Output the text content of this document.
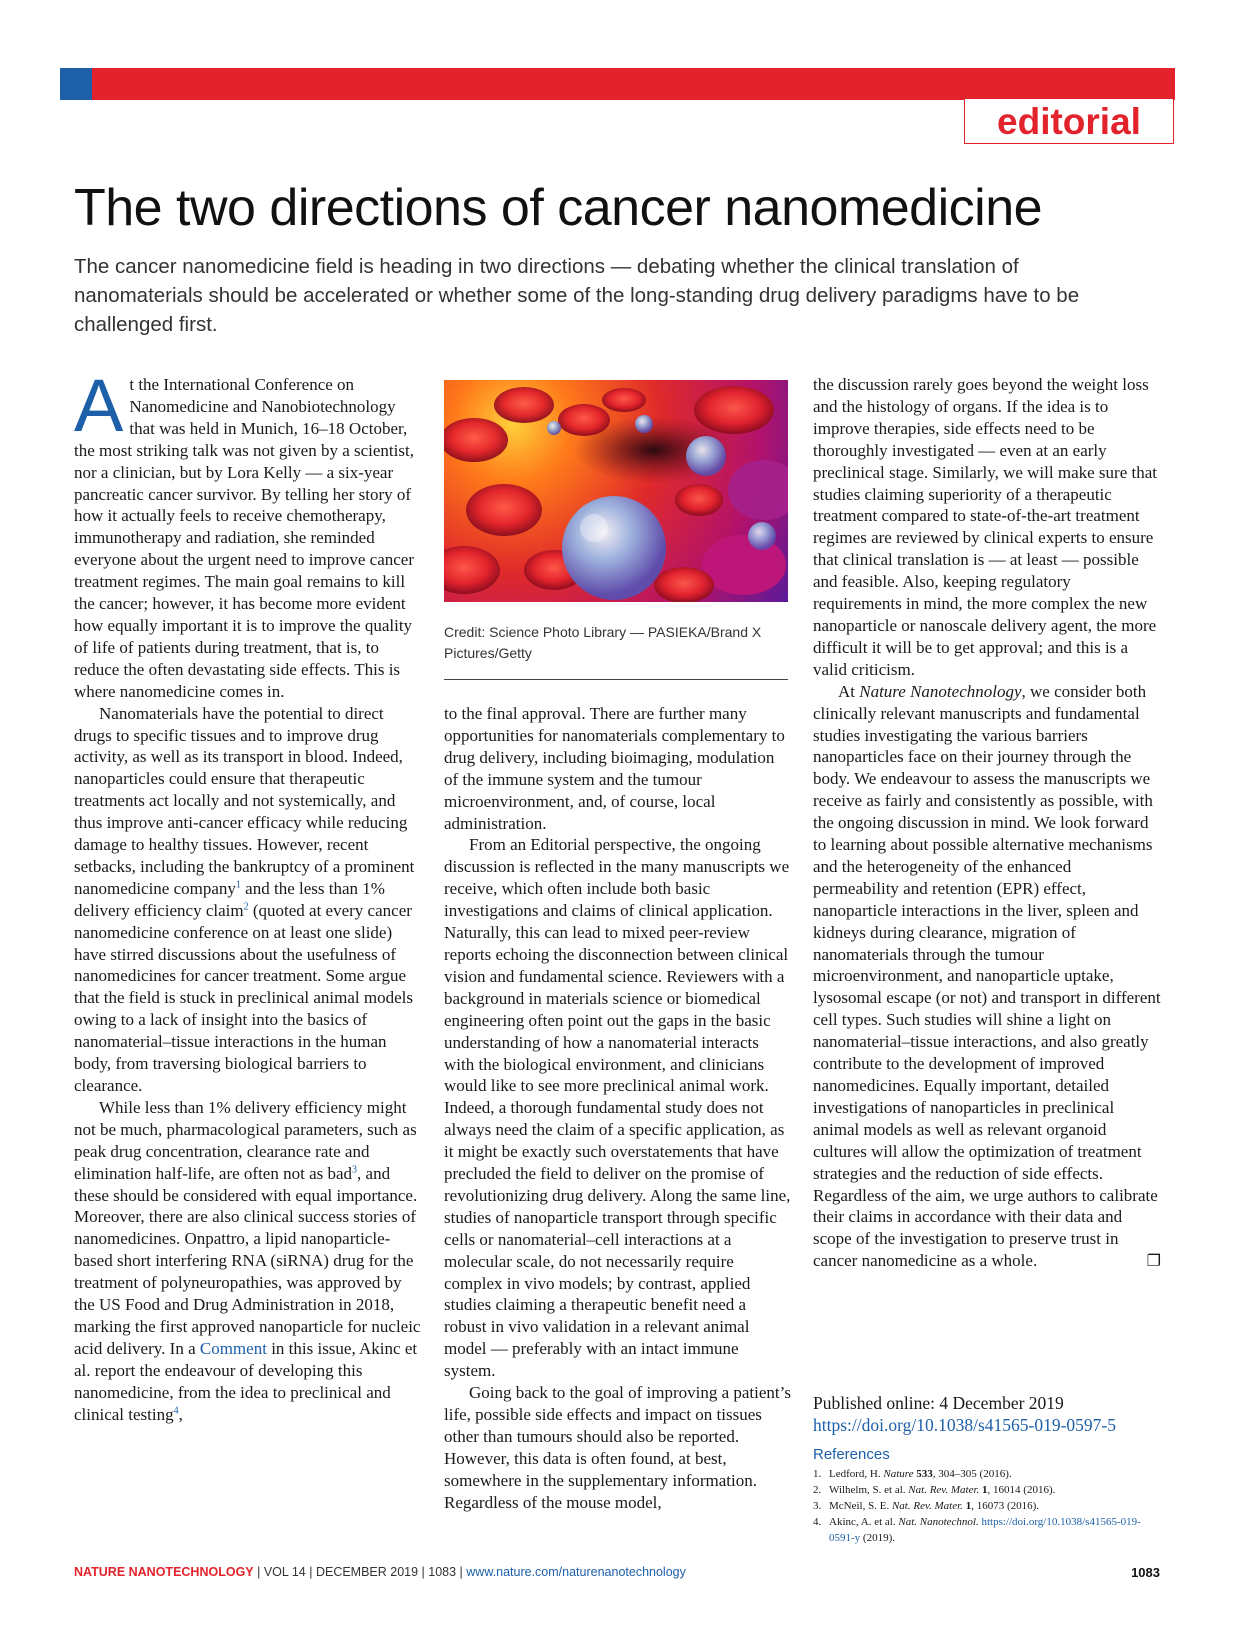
editorial
The two directions of cancer nanomedicine

The cancer nanomedicine field is heading in two directions — debating whether the clinical translation of nanomaterials should be accelerated or whether some of the long-standing drug delivery paradigms have to be challenged first.

At the International Conference on Nanomedicine and Nanobiotechnology that was held in Munich, 16–18 October, the most striking talk was not given by a scientist, nor a clinician, but by Lora Kelly — a six-year pancreatic cancer survivor. By telling her story of how it actually feels to receive chemotherapy, immunotherapy and radiation, she reminded everyone about the urgent need to improve cancer treatment regimes. The main goal remains to kill the cancer; however, it has become more evident how equally important it is to improve the quality of life of patients during treatment, that is, to reduce the often devastating side effects. This is where nanomedicine comes in.

Nanomaterials have the potential to direct drugs to specific tissues and to improve drug activity, as well as its transport in blood. Indeed, nanoparticles could ensure that therapeutic treatments act locally and not systemically, and thus improve anti-cancer efficacy while reducing damage to healthy tissues. However, recent setbacks, including the bankruptcy of a prominent nanomedicine company$^1$ and the less than 1% delivery efficiency claim$^2$ (quoted at every cancer nanomedicine conference on at least one slide) have stirred discussions about the usefulness of nanomedicines for cancer treatment. Some argue that the field is stuck in preclinical animal models owing to a lack of insight into the basics of nanomaterial–tissue interactions in the human body, from traversing biological barriers to clearance.

While less than 1% delivery efficiency might not be much, pharmacological parameters, such as peak drug concentration, clearance rate and elimination half-life, are often not as bad$^3$, and these should be considered with equal importance. Moreover, there are also clinical success stories of nanomedicines. Onpattro, a lipid nanoparticle-based short interfering RNA (siRNA) drug for the treatment of polyneuropathies, was approved by the US Food and Drug Administration in 2018, marking the first approved nanoparticle for nucleic acid delivery. In a Comment in this issue, Akinc et al. report the endeavour of developing this nanomedicine, from the idea to preclinical and clinical testing$^4$,

Credit: Science Photo Library — PASIEKA/Brand X Pictures/Getty

to the final approval. There are further many opportunities for nanomaterials complementary to drug delivery, including bioimaging, modulation of the immune system and the tumour microenvironment, and, of course, local administration.

From an Editorial perspective, the ongoing discussion is reflected in the many manuscripts we receive, which often include both basic investigations and claims of clinical application. Naturally, this can lead to mixed peer-review reports echoing the disconnection between clinical vision and fundamental science. Reviewers with a background in materials science or biomedical engineering often point out the gaps in the basic understanding of how a nanomaterial interacts with the biological environment, and clinicians would like to see more preclinical animal work. Indeed, a thorough fundamental study does not always need the claim of a specific application, as it might be exactly such overstatements that have precluded the field to deliver on the promise of revolutionizing drug delivery. Along the same line, studies of nanoparticle transport through specific cells or nanomaterial–cell interactions at a molecular scale, do not necessarily require complex in vivo models; by contrast, applied studies claiming a therapeutic benefit need a robust in vivo validation in a relevant animal model — preferably with an intact immune system.

Going back to the goal of improving a patient’s life, possible side effects and impact on tissues other than tumours should also be reported. However, this data is often found, at best, somewhere in the supplementary information. Regardless of the mouse model,

the discussion rarely goes beyond the weight loss and the histology of organs. If the idea is to improve therapies, side effects need to be thoroughly investigated — even at an early preclinical stage. Similarly, we will make sure that studies claiming superiority of a therapeutic treatment compared to state-of-the-art treatment regimes are reviewed by clinical experts to ensure that clinical translation is — at least — possible and feasible. Also, keeping regulatory requirements in mind, the more complex the new nanoparticle or nanoscale delivery agent, the more difficult it will be to get approval; and this is a valid criticism.

At Nature Nanotechnology, we consider both clinically relevant manuscripts and fundamental studies investigating the various barriers nanoparticles face on their journey through the body. We endeavour to assess the manuscripts we receive as fairly and consistently as possible, with the ongoing discussion in mind. We look forward to learning about possible alternative mechanisms and the heterogeneity of the enhanced permeability and retention (EPR) effect, nanoparticle interactions in the liver, spleen and kidneys during clearance, migration of nanomaterials through the tumour microenvironment, and nanoparticle uptake, lysosomal escape (or not) and transport in different cell types. Such studies will shine a light on nanomaterial–tissue interactions, and also greatly contribute to the development of improved nanomedicines. Equally important, detailed investigations of nanoparticles in preclinical animal models as well as relevant organoid cultures will allow the optimization of treatment strategies and the reduction of side effects. Regardless of the aim, we urge authors to calibrate their claims in accordance with their data and scope of the investigation to preserve trust in cancer nanomedicine as a whole.	❐

Published online: 4 December 2019
https://doi.org/10.1038/s41565-019-0597-5
References
1. Ledford, H. Nature 533, 304–305 (2016).
2. Wilhelm, S. et al. Nat. Rev. Mater. 1, 16014 (2016).
3. McNeil, S. E. Nat. Rev. Mater. 1, 16073 (2016).
4. Akinc, A. et al. Nat. Nanotechnol. https://doi.org/10.1038/s41565-019-0591-y (2019).
NATURE NANOTECHNOLOGY | VOL 14 | DECEMBER 2019 | 1083 | www.nature.com/naturenanotechnology	1083
